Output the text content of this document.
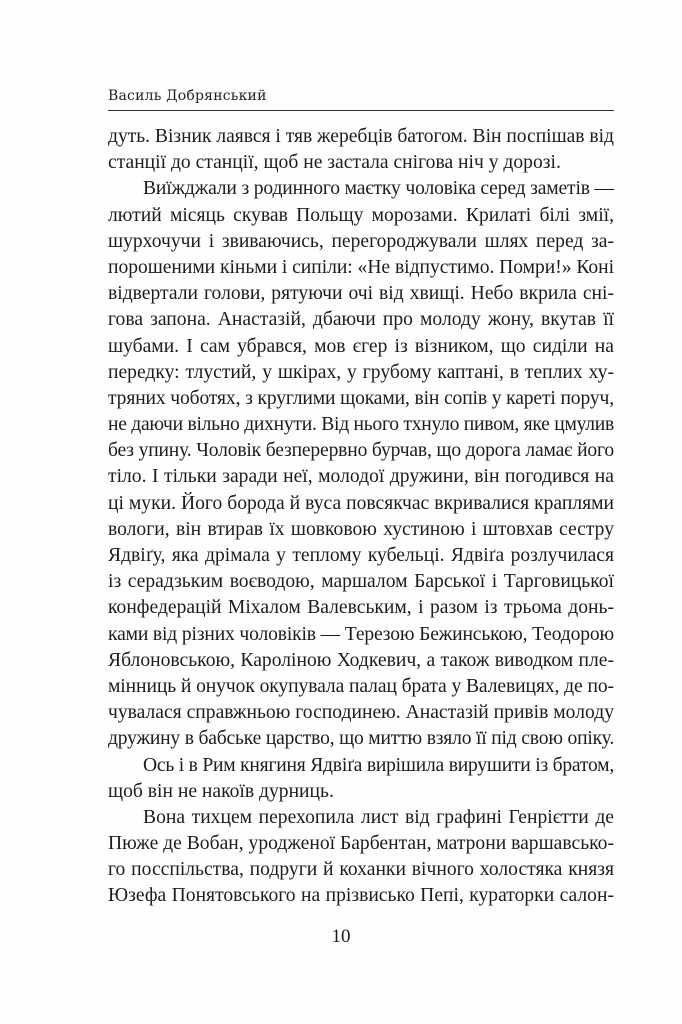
Василь Добрянський
дуть. Візник лаявся і тяв жеребців батогом. Він поспішав від
станції до станції, щоб не застала снігова ніч у дорозі.
Виїжджали з родинного маєтку чоловіка серед заметів —
лютий місяць скував Польщу морозами. Крилаті білі змії,
шурхочучи і звиваючись, перегороджували шлях перед за-
порошеними кіньми і сипіли: «Не відпустимо. Помри!» Коні
відвертали голови, рятуючи очі від хвищі. Небо вкрила сні-
гова запона. Анастазій, дбаючи про молоду жону, вкутав її
шубами. І сам убрався, мов єгер із візником, що сиділи на
передку: тлустий, у шкірах, у грубому каптані, в теплих ху-
тряних чоботях, з круглими щоками, він сопів у кареті поруч,
не даючи вільно дихнути. Від нього тхнуло пивом, яке цмулив
без упину. Чоловік безперервно бурчав, що дорога ламає його
тіло. І тільки заради неї, молодої дружини, він погодився на
ці муки. Його борода й вуса повсякчас вкривалися краплями
вологи, він втирав їх шовковою хустиною і штовхав сестру
Ядвіґу, яка дрімала у теплому кубельці. Ядвіґа розлучилася
із серадзьким воєводою, маршалом Барської і Тарговицької
конфедерацій Міхалом Валевським, і разом із трьома донь-
ками від різних чоловіків — Терезою Бежинською, Теодорою
Яблоновською, Кароліною Ходкевич, а також виводком пле-
мінниць й онучок окупувала палац брата у Валевицях, де по-
чувалася справжньою господинею. Анастазій привів молоду
дружину в бабське царство, що миттю взяло її під свою опіку.
Ось і в Рим княгиня Ядвіґа вирішила вирушити із братом,
щоб він не накоїв дурниць.
Вона тихцем перехопила лист від графині Генрієтти де
Пюже де Вобан, уродженої Барбентан, матрони варшавсько-
го посспільства, подруги й коханки вічного холостяка князя
Юзефа Понятовського на прізвисько Пепі, кураторки салон-
10
